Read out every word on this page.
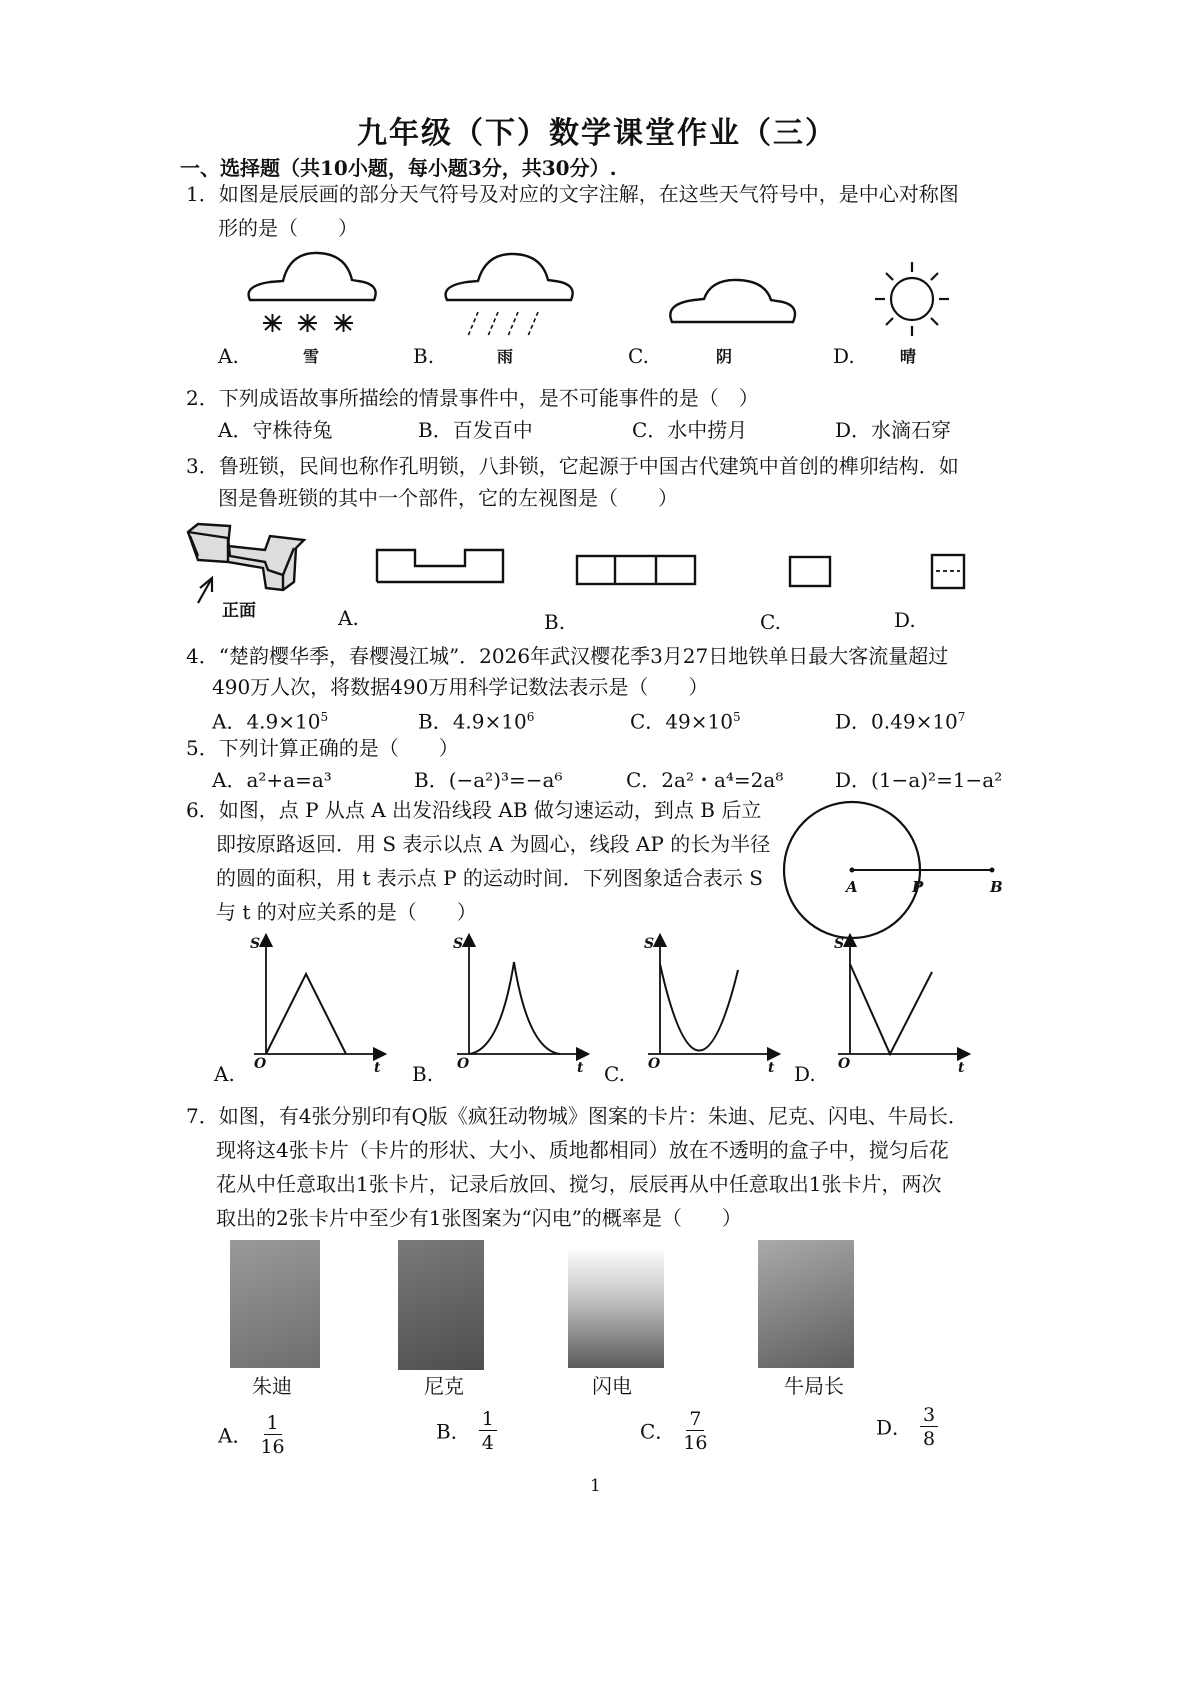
九年级（下）数学课堂作业（三）
一、选择题（共10小题，每小题3分，共30分）.
1．如图是辰辰画的部分天气符号及对应的文字注解，在这些天气符号中，是中心对称图
形的是（　　）
A.	雪	B.	雨	C.	阴	D.	晴
2．下列成语故事所描绘的情景事件中，是不可能事件的是（　）
A．守株待兔	B．百发百中	C．水中捞月	D．水滴石穿
3．鲁班锁，民间也称作孔明锁，八卦锁，它起源于中国古代建筑中首创的榫卯结构．如
图是鲁班锁的其中一个部件，它的左视图是（　　）
正面	A.	B.	C.	D.
4．“楚韵樱华季，春樱漫江城”．2026年武汉樱花季3月27日地铁单日最大客流量超过
490万人次，将数据490万用科学记数法表示是（　　）
A．$4.9\times 10^5$	B．$4.9\times 10^6$	C．$49\times 10^5$	D．$0.49\times 10^7$
5．下列计算正确的是（　　）
A．a²+a=a³	B．(−a²)³=−a⁶	C．2a²・a⁴=2a⁸	D．(1−a)²=1−a²
6．如图，点 P 从点 A 出发沿线段 AB 做匀速运动，到点 B 后立
即按原路返回．用 S 表示以点 A 为圆心，线段 AP 的长为半径
的圆的面积，用 t 表示点 P 的运动时间．下列图象适合表示 S
与 t 的对应关系的是（　　）
A	P	B
S
O	t
S
O	t
S
O	t
S
O	t
A.	B.	C.	D.
7．如图，有4张分别印有Q版《疯狂动物城》图案的卡片：朱迪、尼克、闪电、牛局长．
现将这4张卡片（卡片的形状、大小、质地都相同）放在不透明的盒子中，搅匀后花
花从中任意取出1张卡片，记录后放回、搅匀，辰辰再从中任意取出1张卡片，两次
取出的2张卡片中至少有1张图案为“闪电”的概率是（　　）
朱迪	尼克	闪电	牛局长
A． $\frac{1}{16}$	B． $\frac{1}{4}$	C． $\frac{7}{16}$	D． $\frac{3}{8}$
1
